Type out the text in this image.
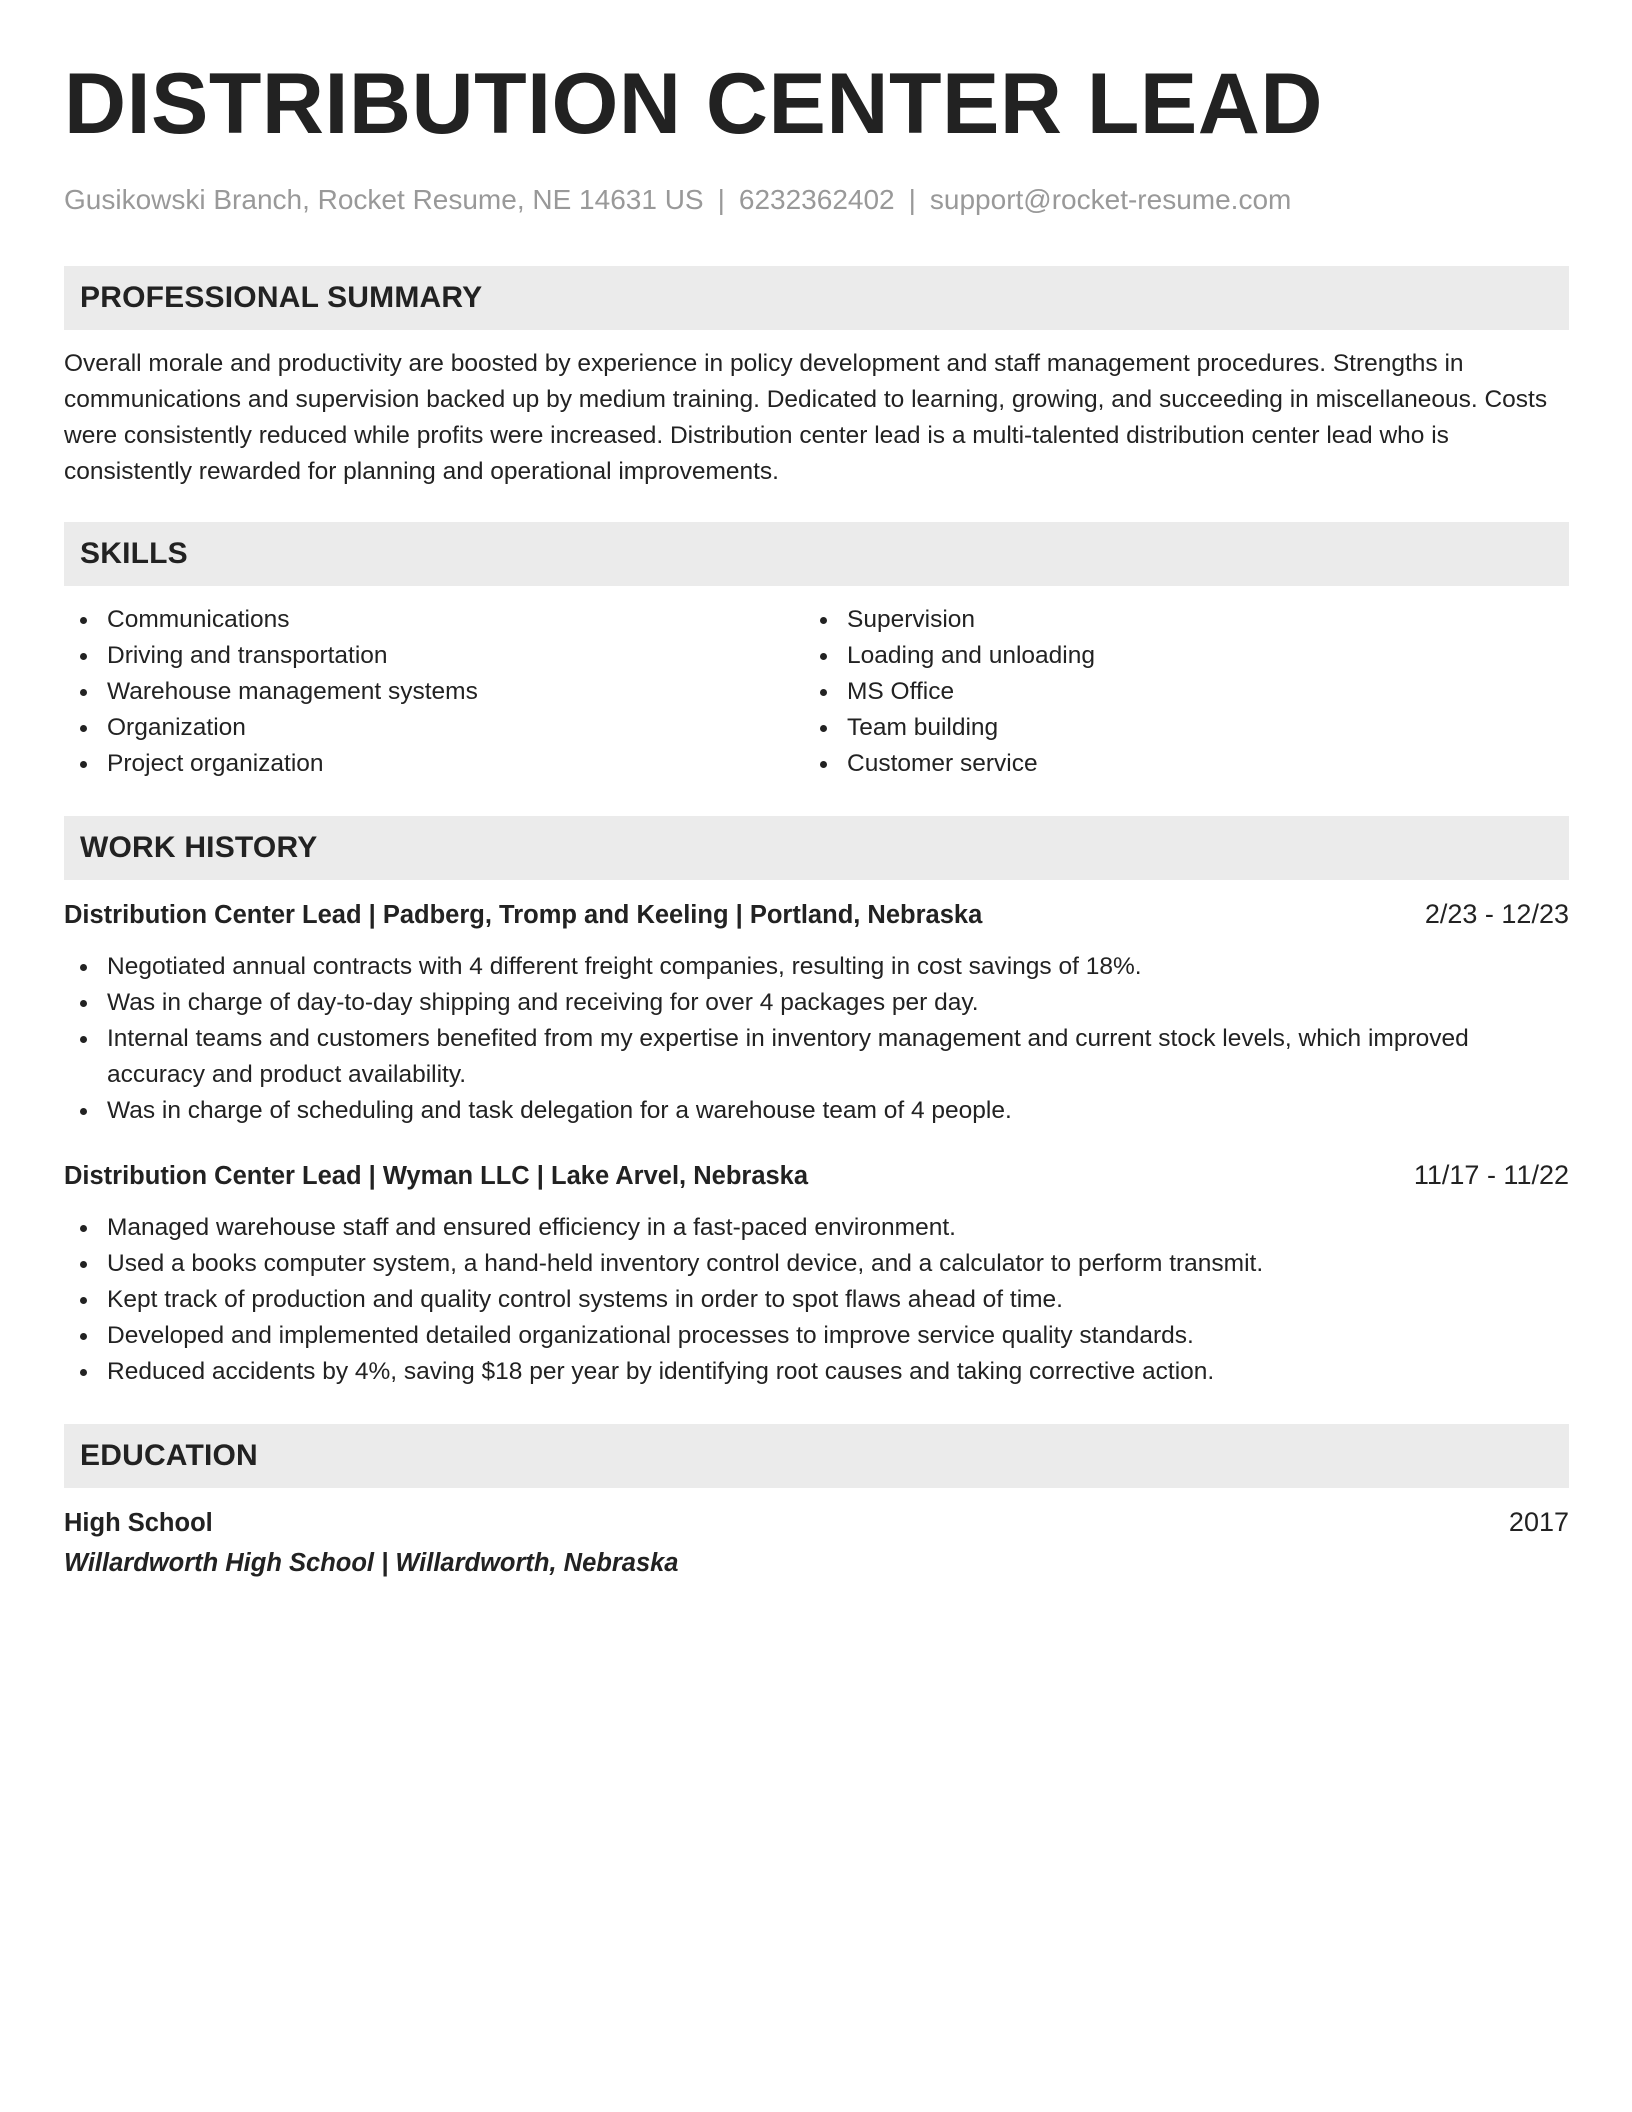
DISTRIBUTION CENTER LEAD
Gusikowski Branch, Rocket Resume, NE 14631 US | 6232362402 | support@rocket-resume.com
PROFESSIONAL SUMMARY
Overall morale and productivity are boosted by experience in policy development and staff management procedures. Strengths in communications and supervision backed up by medium training. Dedicated to learning, growing, and succeeding in miscellaneous. Costs were consistently reduced while profits were increased. Distribution center lead is a multi-talented distribution center lead who is consistently rewarded for planning and operational improvements.
SKILLS
Communications
Driving and transportation
Warehouse management systems
Organization
Project organization
Supervision
Loading and unloading
MS Office
Team building
Customer service
WORK HISTORY
Distribution Center Lead | Padberg, Tromp and Keeling | Portland, Nebraska	2/23 - 12/23
Negotiated annual contracts with 4 different freight companies, resulting in cost savings of 18%.
Was in charge of day-to-day shipping and receiving for over 4 packages per day.
Internal teams and customers benefited from my expertise in inventory management and current stock levels, which improved accuracy and product availability.
Was in charge of scheduling and task delegation for a warehouse team of 4 people.
Distribution Center Lead | Wyman LLC | Lake Arvel, Nebraska	11/17 - 11/22
Managed warehouse staff and ensured efficiency in a fast-paced environment.
Used a books computer system, a hand-held inventory control device, and a calculator to perform transmit.
Kept track of production and quality control systems in order to spot flaws ahead of time.
Developed and implemented detailed organizational processes to improve service quality standards.
Reduced accidents by 4%, saving $18 per year by identifying root causes and taking corrective action.
EDUCATION
High School	2017
Willardworth High School | Willardworth, Nebraska
